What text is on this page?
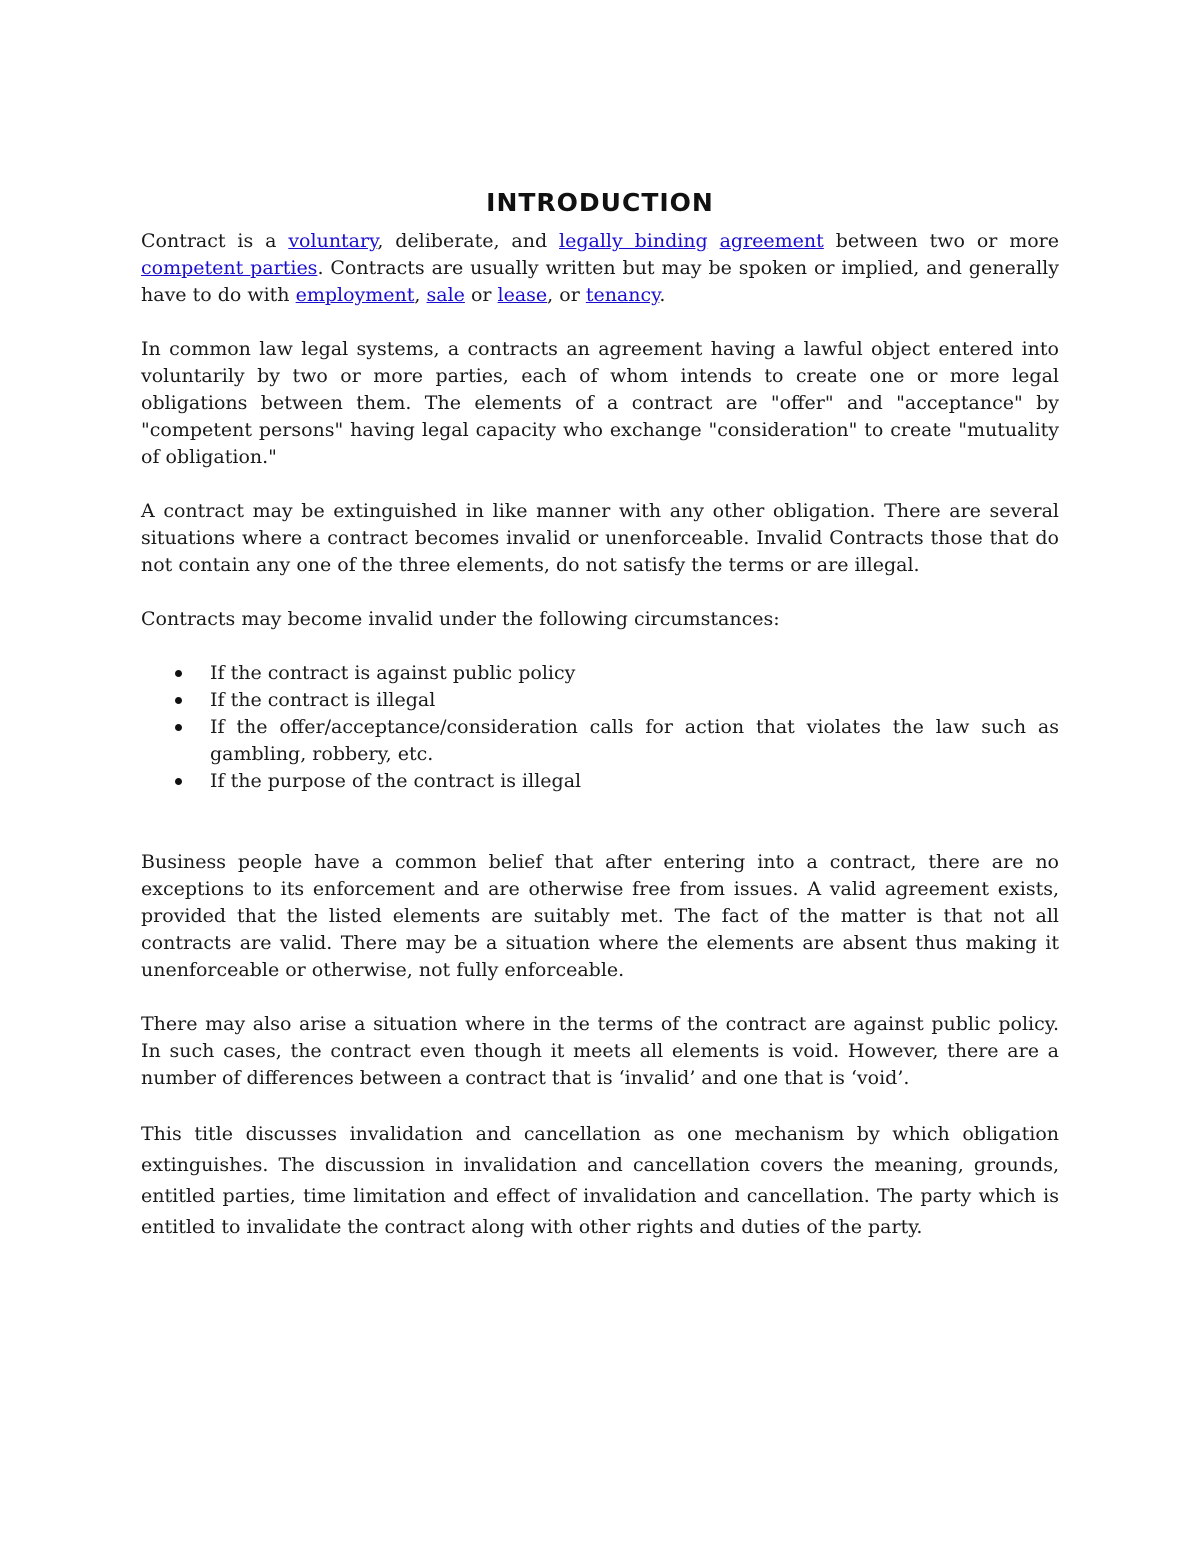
INTRODUCTION

Contract is a voluntary, deliberate, and legally binding agreement between two or more competent parties. Contracts are usually written but may be spoken or implied, and generally have to do with employment, sale or lease, or tenancy.

In common law legal systems, a contracts an agreement having a lawful object entered into voluntarily by two or more parties, each of whom intends to create one or more legal obligations between them. The elements of a contract are "offer" and "acceptance" by "competent persons" having legal capacity who exchange "consideration" to create "mutuality of obligation."

A contract may be extinguished in like manner with any other obligation. There are several situations where a contract becomes invalid or unenforceable. Invalid Contracts those that do not contain any one of the three elements, do not satisfy the terms or are illegal.

Contracts may become invalid under the following circumstances:

If the contract is against public policy
If the contract is illegal
If the offer/acceptance/consideration calls for action that violates the law such as gambling, robbery, etc.
If the purpose of the contract is illegal

Business people have a common belief that after entering into a contract, there are no exceptions to its enforcement and are otherwise free from issues. A valid agreement exists, provided that the listed elements are suitably met. The fact of the matter is that not all contracts are valid. There may be a situation where the elements are absent thus making it unenforceable or otherwise, not fully enforceable.

There may also arise a situation where in the terms of the contract are against public policy. In such cases, the contract even though it meets all elements is void. However, there are a number of differences between a contract that is ‘invalid’ and one that is ‘void’.

This title discusses invalidation and cancellation as one mechanism by which obligation extinguishes. The discussion in invalidation and cancellation covers the meaning, grounds, entitled parties, time limitation and effect of invalidation and cancellation. The party which is entitled to invalidate the contract along with other rights and duties of the party.
